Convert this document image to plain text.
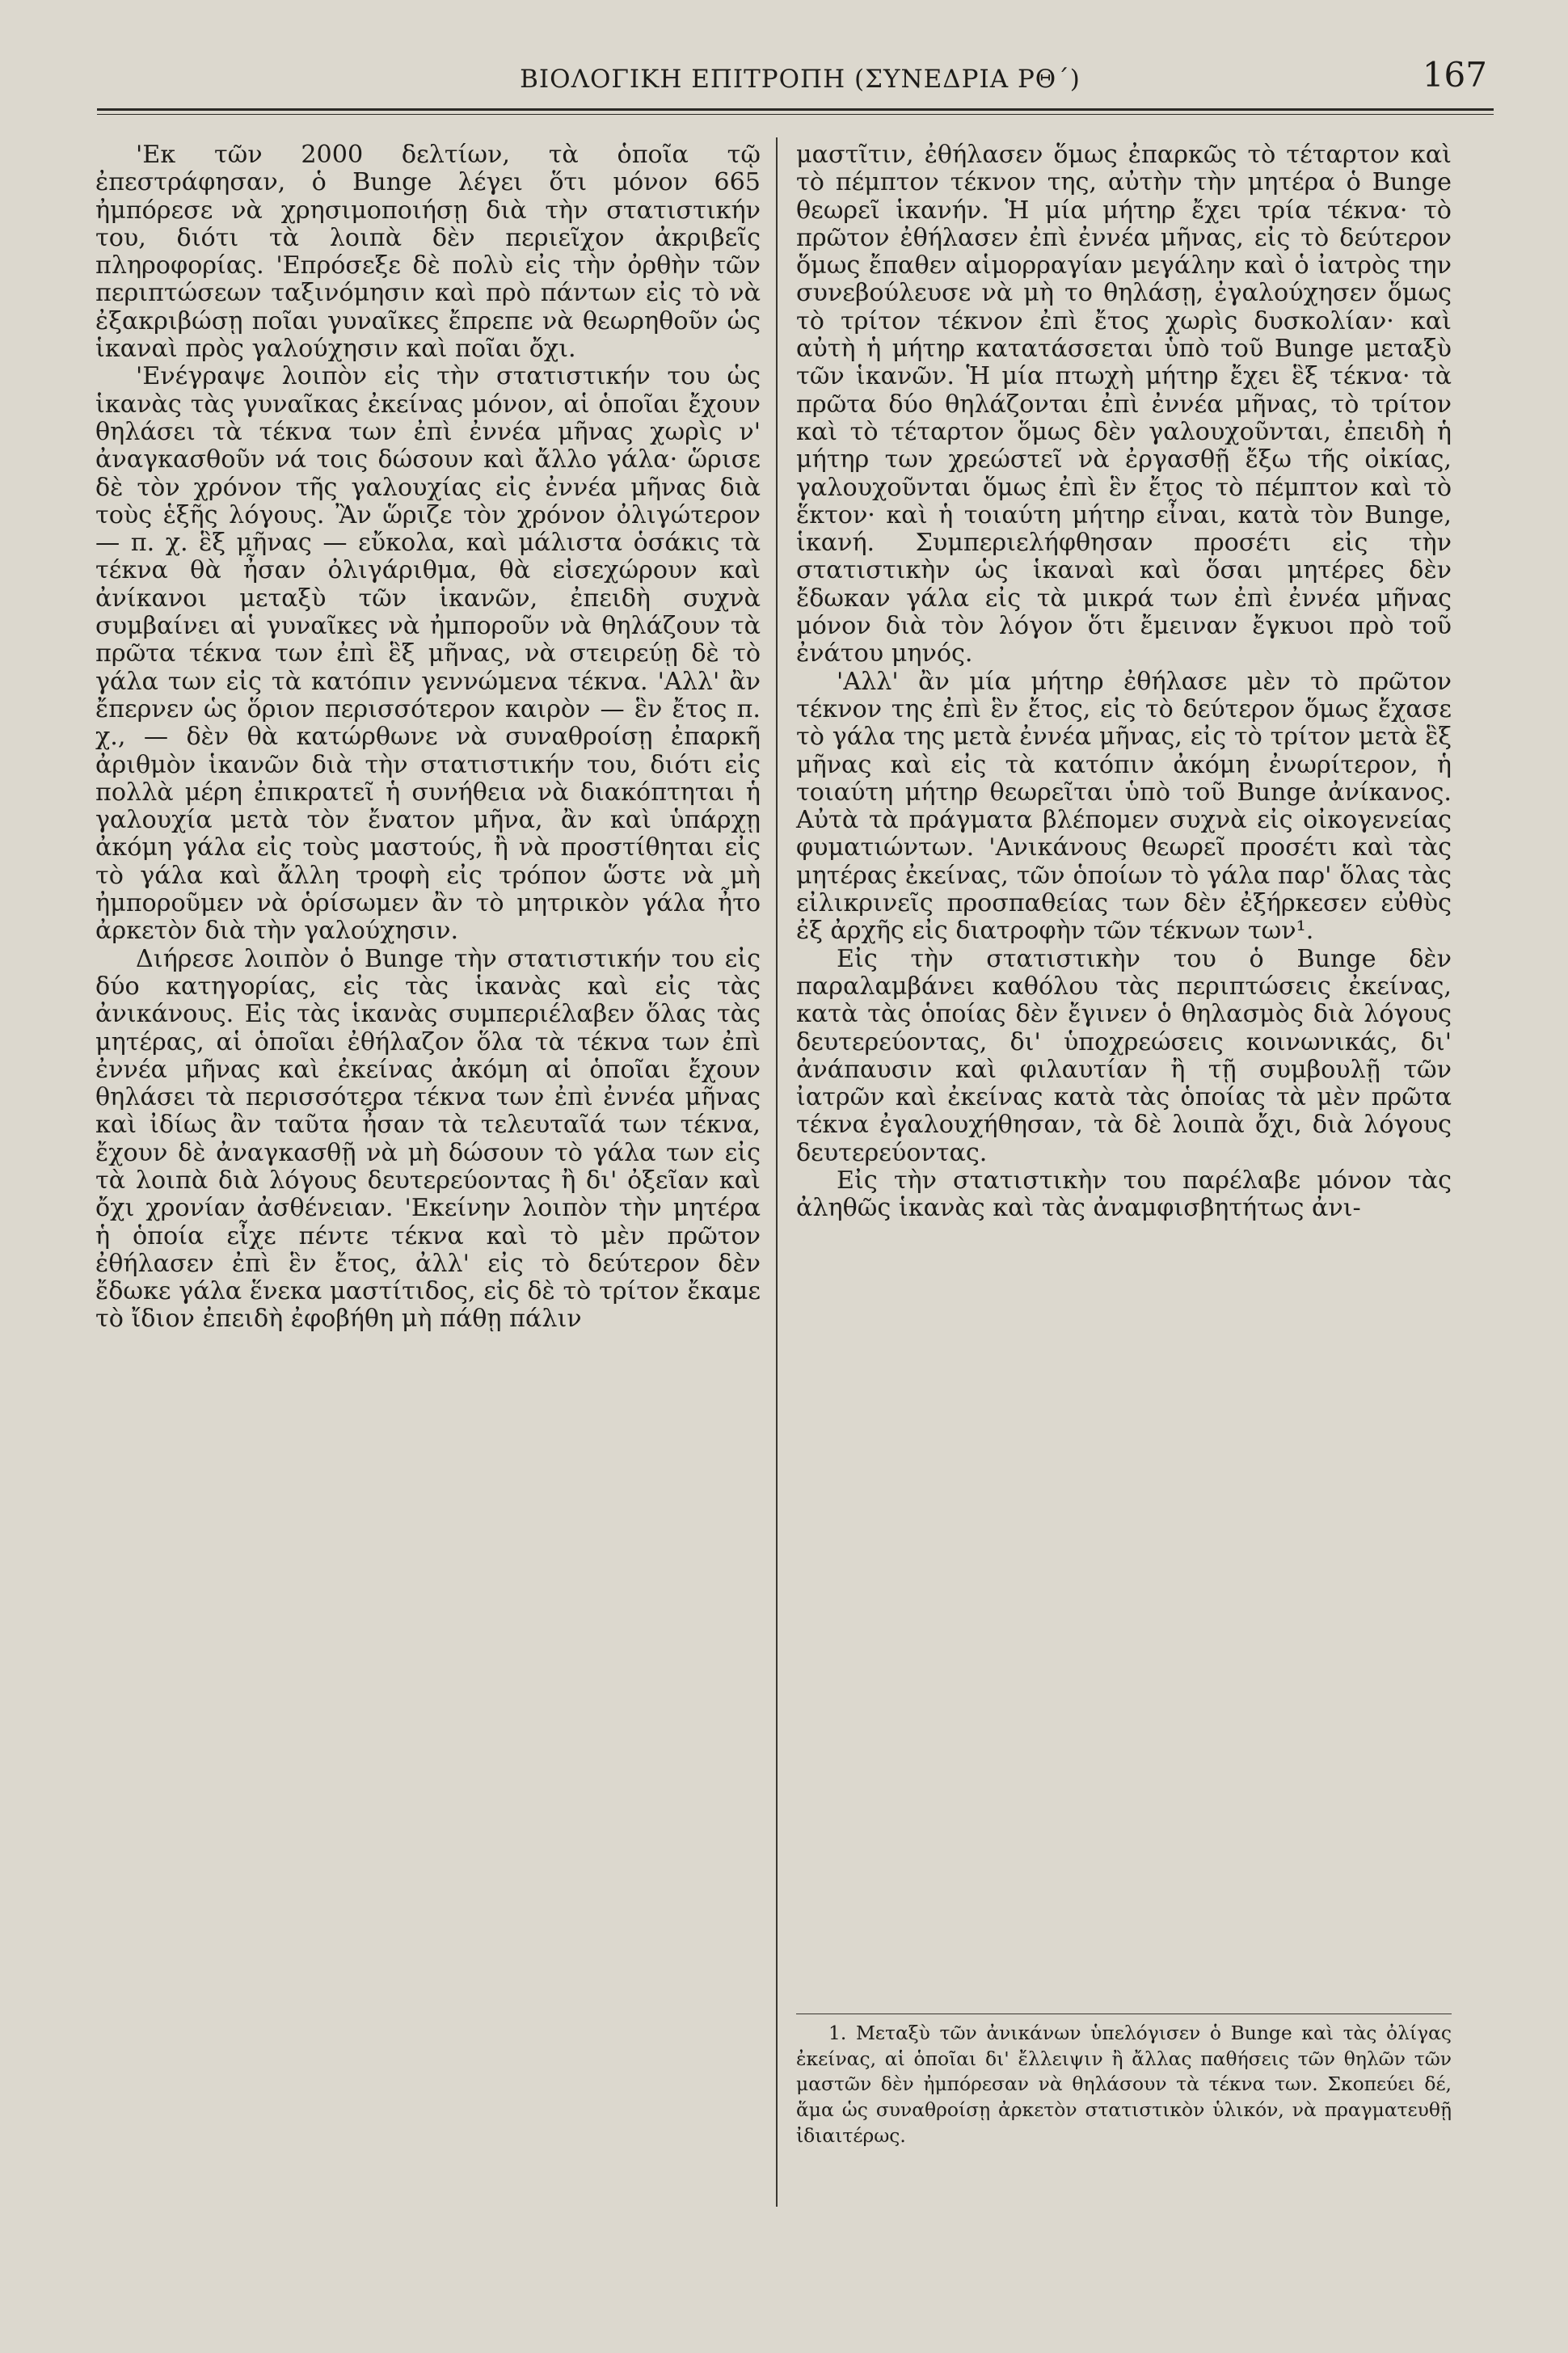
ΒΙΟΛΟΓΙΚΗ ΕΠΙΤΡΟΠΗ (ΣΥΝΕΔΡΙΑ ΡΘ΄)	167

'Εκ τῶν 2000 δελτίων, τὰ ὁποῖα τῷ ἐπεστράφησαν, ὁ Bunge λέγει ὅτι μόνον 665 ἠμπόρεσε νὰ χρησιμοποιήσῃ διὰ τὴν στατιστικήν του, διότι τὰ λοιπὰ δὲν περιεῖχον ἀκριβεῖς πληροφορίας. 'Επρόσεξε δὲ πολὺ εἰς τὴν ὀρθὴν τῶν περιπτώσεων ταξινόμησιν καὶ πρὸ πάντων εἰς τὸ νὰ ἐξακριβώσῃ ποῖαι γυναῖκες ἔπρεπε νὰ θεωρηθοῦν ὡς ἱκαναὶ πρὸς γαλούχησιν καὶ ποῖαι ὄχι.

'Ενέγραψε λοιπὸν εἰς τὴν στατιστικήν του ὡς ἱκανὰς τὰς γυναῖκας ἐκείνας μόνον, αἱ ὁποῖαι ἔχουν θηλάσει τὰ τέκνα των ἐπὶ ἐννέα μῆνας χωρὶς ν' ἀναγκασθοῦν νά τοις δώσουν καὶ ἄλλο γάλα· ὥρισε δὲ τὸν χρόνον τῆς γαλουχίας εἰς ἐννέα μῆνας διὰ τοὺς ἑξῆς λόγους. Ἂν ὥριζε τὸν χρόνον ὀλιγώτερον — π. χ. ἓξ μῆνας — εὔκολα, καὶ μάλιστα ὁσάκις τὰ τέκνα θὰ ἦσαν ὀλιγάριθμα, θὰ εἰσεχώρουν καὶ ἀνίκανοι μεταξὺ τῶν ἱκανῶν, ἐπειδὴ συχνὰ συμβαίνει αἱ γυναῖκες νὰ ἠμποροῦν νὰ θηλάζουν τὰ πρῶτα τέκνα των ἐπὶ ἓξ μῆνας, νὰ στειρεύῃ δὲ τὸ γάλα των εἰς τὰ κατόπιν γεννώμενα τέκνα. 'Αλλ' ἂν ἔπερνεν ὡς ὅριον περισσότερον καιρὸν — ἓν ἔτος π. χ., — δὲν θὰ κατώρθωνε νὰ συναθροίσῃ ἐπαρκῆ ἀριθμὸν ἱκανῶν διὰ τὴν στατιστικήν του, διότι εἰς πολλὰ μέρη ἐπικρατεῖ ἡ συνήθεια νὰ διακόπτηται ἡ γαλουχία μετὰ τὸν ἔνατον μῆνα, ἂν καὶ ὑπάρχῃ ἀκόμη γάλα εἰς τοὺς μαστούς, ἢ νὰ προστίθηται εἰς τὸ γάλα καὶ ἄλλη τροφὴ εἰς τρόπον ὥστε νὰ μὴ ἠμποροῦμεν νὰ ὁρίσωμεν ἂν τὸ μητρικὸν γάλα ἦτο ἀρκετὸν διὰ τὴν γαλούχησιν.

Διήρεσε λοιπὸν ὁ Bunge τὴν στατιστικήν του εἰς δύο κατηγορίας, εἰς τὰς ἱκανὰς καὶ εἰς τὰς ἀνικάνους. Εἰς τὰς ἱκανὰς συμπεριέλαβεν ὅλας τὰς μητέρας, αἱ ὁποῖαι ἐθήλαζον ὅλα τὰ τέκνα των ἐπὶ ἐννέα μῆνας καὶ ἐκείνας ἀκόμη αἱ ὁποῖαι ἔχουν θηλάσει τὰ περισσότερα τέκνα των ἐπὶ ἐννέα μῆνας καὶ ἰδίως ἂν ταῦτα ἦσαν τὰ τελευταῖά των τέκνα, ἔχουν δὲ ἀναγκασθῇ νὰ μὴ δώσουν τὸ γάλα των εἰς τὰ λοιπὰ διὰ λόγους δευτερεύοντας ἢ δι' ὀξεῖαν καὶ ὄχι χρονίαν ἀσθένειαν. 'Εκείνην λοιπὸν τὴν μητέρα ἡ ὁποία εἶχε πέντε τέκνα καὶ τὸ μὲν πρῶτον ἐθήλασεν ἐπὶ ἓν ἔτος, ἀλλ' εἰς τὸ δεύτερον δὲν ἔδωκε γάλα ἕνεκα μαστίτιδος, εἰς δὲ τὸ τρίτον ἔκαμε τὸ ἴδιον ἐπειδὴ ἐφοβήθη μὴ πάθῃ πάλιν

μαστῖτιν, ἐθήλασεν ὅμως ἐπαρκῶς τὸ τέταρτον καὶ τὸ πέμπτον τέκνον της, αὐτὴν τὴν μητέρα ὁ Bunge θεωρεῖ ἱκανήν. Ἡ μία μήτηρ ἔχει τρία τέκνα· τὸ πρῶτον ἐθήλασεν ἐπὶ ἐννέα μῆνας, εἰς τὸ δεύτερον ὅμως ἔπαθεν αἱμορραγίαν μεγάλην καὶ ὁ ἰατρὸς την συνεβούλευσε νὰ μὴ το θηλάσῃ, ἐγαλούχησεν ὅμως τὸ τρίτον τέκνον ἐπὶ ἔτος χωρὶς δυσκολίαν· καὶ αὐτὴ ἡ μήτηρ κατατάσσεται ὑπὸ τοῦ Bunge μεταξὺ τῶν ἱκανῶν. Ἡ μία πτωχὴ μήτηρ ἔχει ἓξ τέκνα· τὰ πρῶτα δύο θηλάζονται ἐπὶ ἐννέα μῆνας, τὸ τρίτον καὶ τὸ τέταρτον ὅμως δὲν γαλουχοῦνται, ἐπειδὴ ἡ μήτηρ των χρεώστεῖ νὰ ἐργασθῇ ἔξω τῆς οἰκίας, γαλουχοῦνται ὅμως ἐπὶ ἓν ἔτος τὸ πέμπτον καὶ τὸ ἕκτον· καὶ ἡ τοιαύτη μήτηρ εἶναι, κατὰ τὸν Bunge, ἱκανή. Συμπεριελήφθησαν προσέτι εἰς τὴν στατιστικὴν ὡς ἱκαναὶ καὶ ὅσαι μητέρες δὲν ἔδωκαν γάλα εἰς τὰ μικρά των ἐπὶ ἐννέα μῆνας μόνον διὰ τὸν λόγον ὅτι ἔμειναν ἔγκυοι πρὸ τοῦ ἐνάτου μηνός.

'Αλλ' ἂν μία μήτηρ ἐθήλασε μὲν τὸ πρῶτον τέκνον της ἐπὶ ἓν ἔτος, εἰς τὸ δεύτερον ὅμως ἔχασε τὸ γάλα της μετὰ ἐννέα μῆνας, εἰς τὸ τρίτον μετὰ ἓξ μῆνας καὶ εἰς τὰ κατόπιν ἀκόμη ἐνωρίτερον, ἡ τοιαύτη μήτηρ θεωρεῖται ὑπὸ τοῦ Bunge ἀνίκανος. Αὐτὰ τὰ πράγματα βλέπομεν συχνὰ εἰς οἰκογενείας φυματιώντων. 'Ανικάνους θεωρεῖ προσέτι καὶ τὰς μητέρας ἐκείνας, τῶν ὁποίων τὸ γάλα παρ' ὅλας τὰς εἰλικρινεῖς προσπαθείας των δὲν ἐξήρκεσεν εὐθὺς ἐξ ἀρχῆς εἰς διατροφὴν τῶν τέκνων των¹.

Εἰς τὴν στατιστικὴν του ὁ Bunge δὲν παραλαμβάνει καθόλου τὰς περιπτώσεις ἐκείνας, κατὰ τὰς ὁποίας δὲν ἔγινεν ὁ θηλασμὸς διὰ λόγους δευτερεύοντας, δι' ὑποχρεώσεις κοινωνικάς, δι' ἀνάπαυσιν καὶ φιλαυτίαν ἢ τῇ συμβουλῇ τῶν ἰατρῶν καὶ ἐκείνας κατὰ τὰς ὁποίας τὰ μὲν πρῶτα τέκνα ἐγαλουχήθησαν, τὰ δὲ λοιπὰ ὄχι, διὰ λόγους δευτερεύοντας.

Εἰς τὴν στατιστικὴν του παρέλαβε μόνον τὰς ἀληθῶς ἱκανὰς καὶ τὰς ἀναμφισβητήτως ἀνι-

1. Μεταξὺ τῶν ἀνικάνων ὑπελόγισεν ὁ Bunge καὶ τὰς ὀλίγας ἐκείνας, αἱ ὁποῖαι δι' ἔλλειψιν ἢ ἄλλας παθήσεις τῶν θηλῶν τῶν μαστῶν δὲν ἠμπόρεσαν νὰ θηλάσουν τὰ τέκνα των. Σκοπεύει δέ, ἅμα ὡς συναθροίσῃ ἀρκετὸν στατιστικὸν ὑλικόν, νὰ πραγματευθῇ ἰδιαιτέρως.
